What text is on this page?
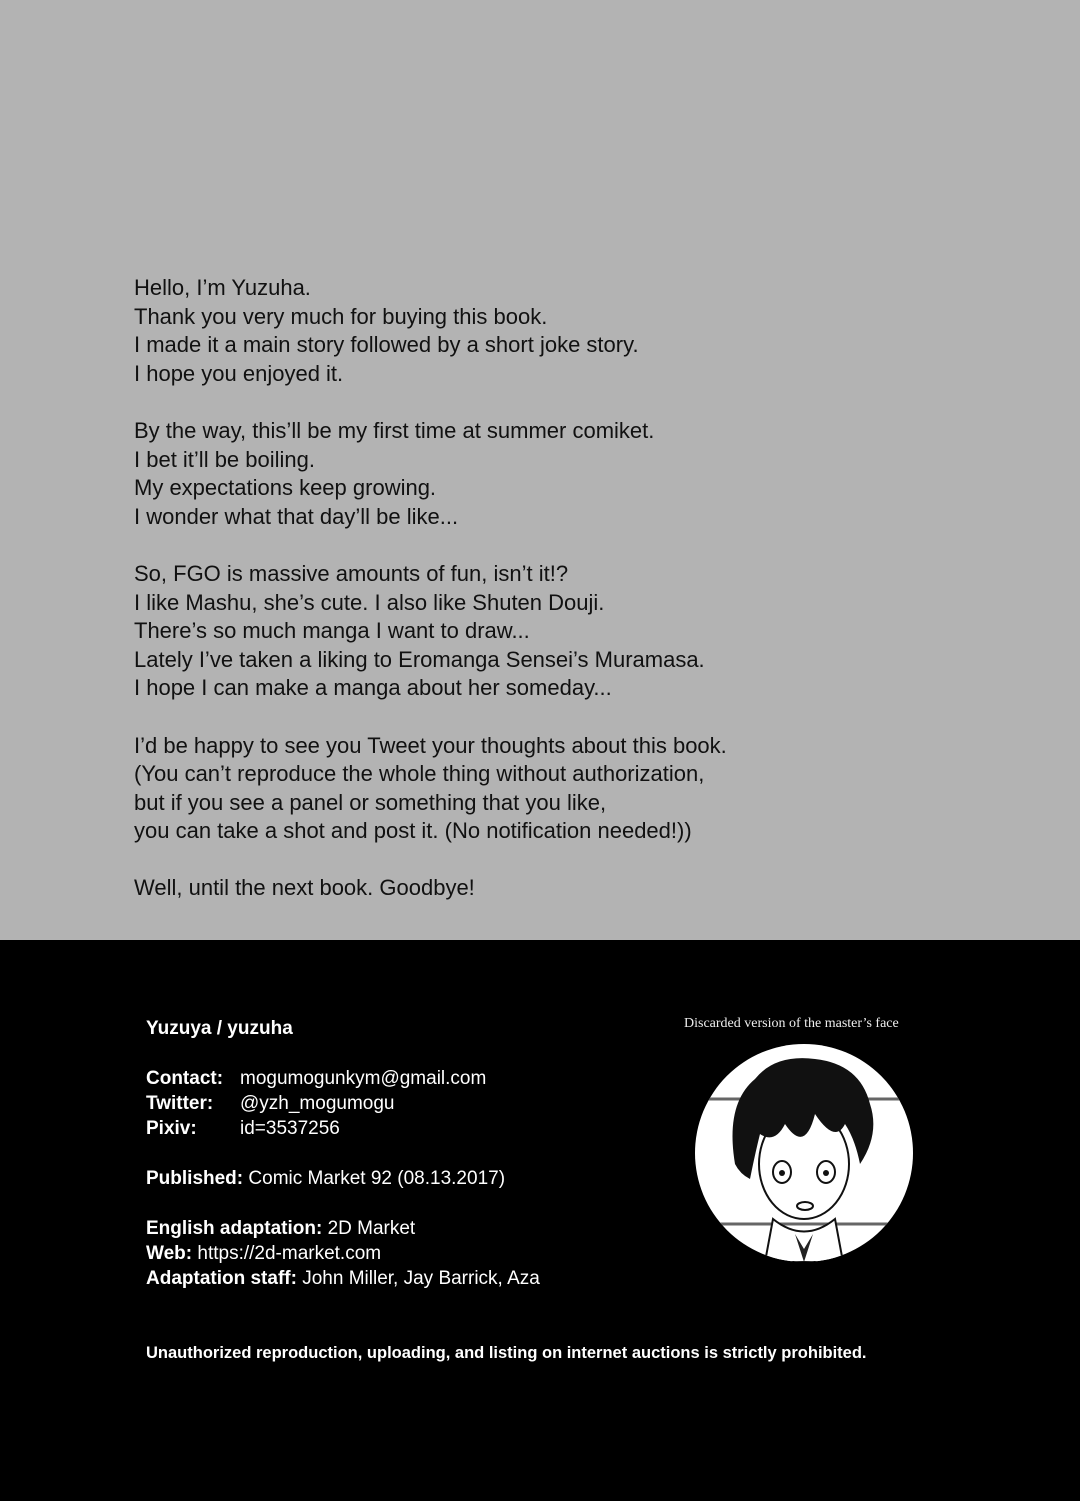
Hello, I’m Yuzuha.
Thank you very much for buying this book.
I made it a main story followed by a short joke story.
I hope you enjoyed it.

By the way, this’ll be my first time at summer comiket.
I bet it’ll be boiling.
My expectations keep growing.
I wonder what that day’ll be like...

So, FGO is massive amounts of fun, isn’t it!?
I like Mashu, she’s cute. I also like Shuten Douji.
There’s so much manga I want to draw...
Lately I’ve taken a liking to Eromanga Sensei’s Muramasa.
I hope I can make a manga about her someday...

I’d be happy to see you Tweet your thoughts about this book.
(You can’t reproduce the whole thing without authorization,
but if you see a panel or something that you like,
you can take a shot and post it. (No notification needed!))

Well, until the next book. Goodbye!

Yuzuya / yuzuha
Contact: mogumogunkym@gmail.com
Twitter: @yzh_mogumogu
Pixiv: id=3537256
Published: Comic Market 92 (08.13.2017)
English adaptation: 2D Market
Web: https://2d-market.com
Adaptation staff: John Miller, Jay Barrick, Aza
Discarded version of the master’s face
Unauthorized reproduction, uploading, and listing on internet auctions is strictly prohibited.
